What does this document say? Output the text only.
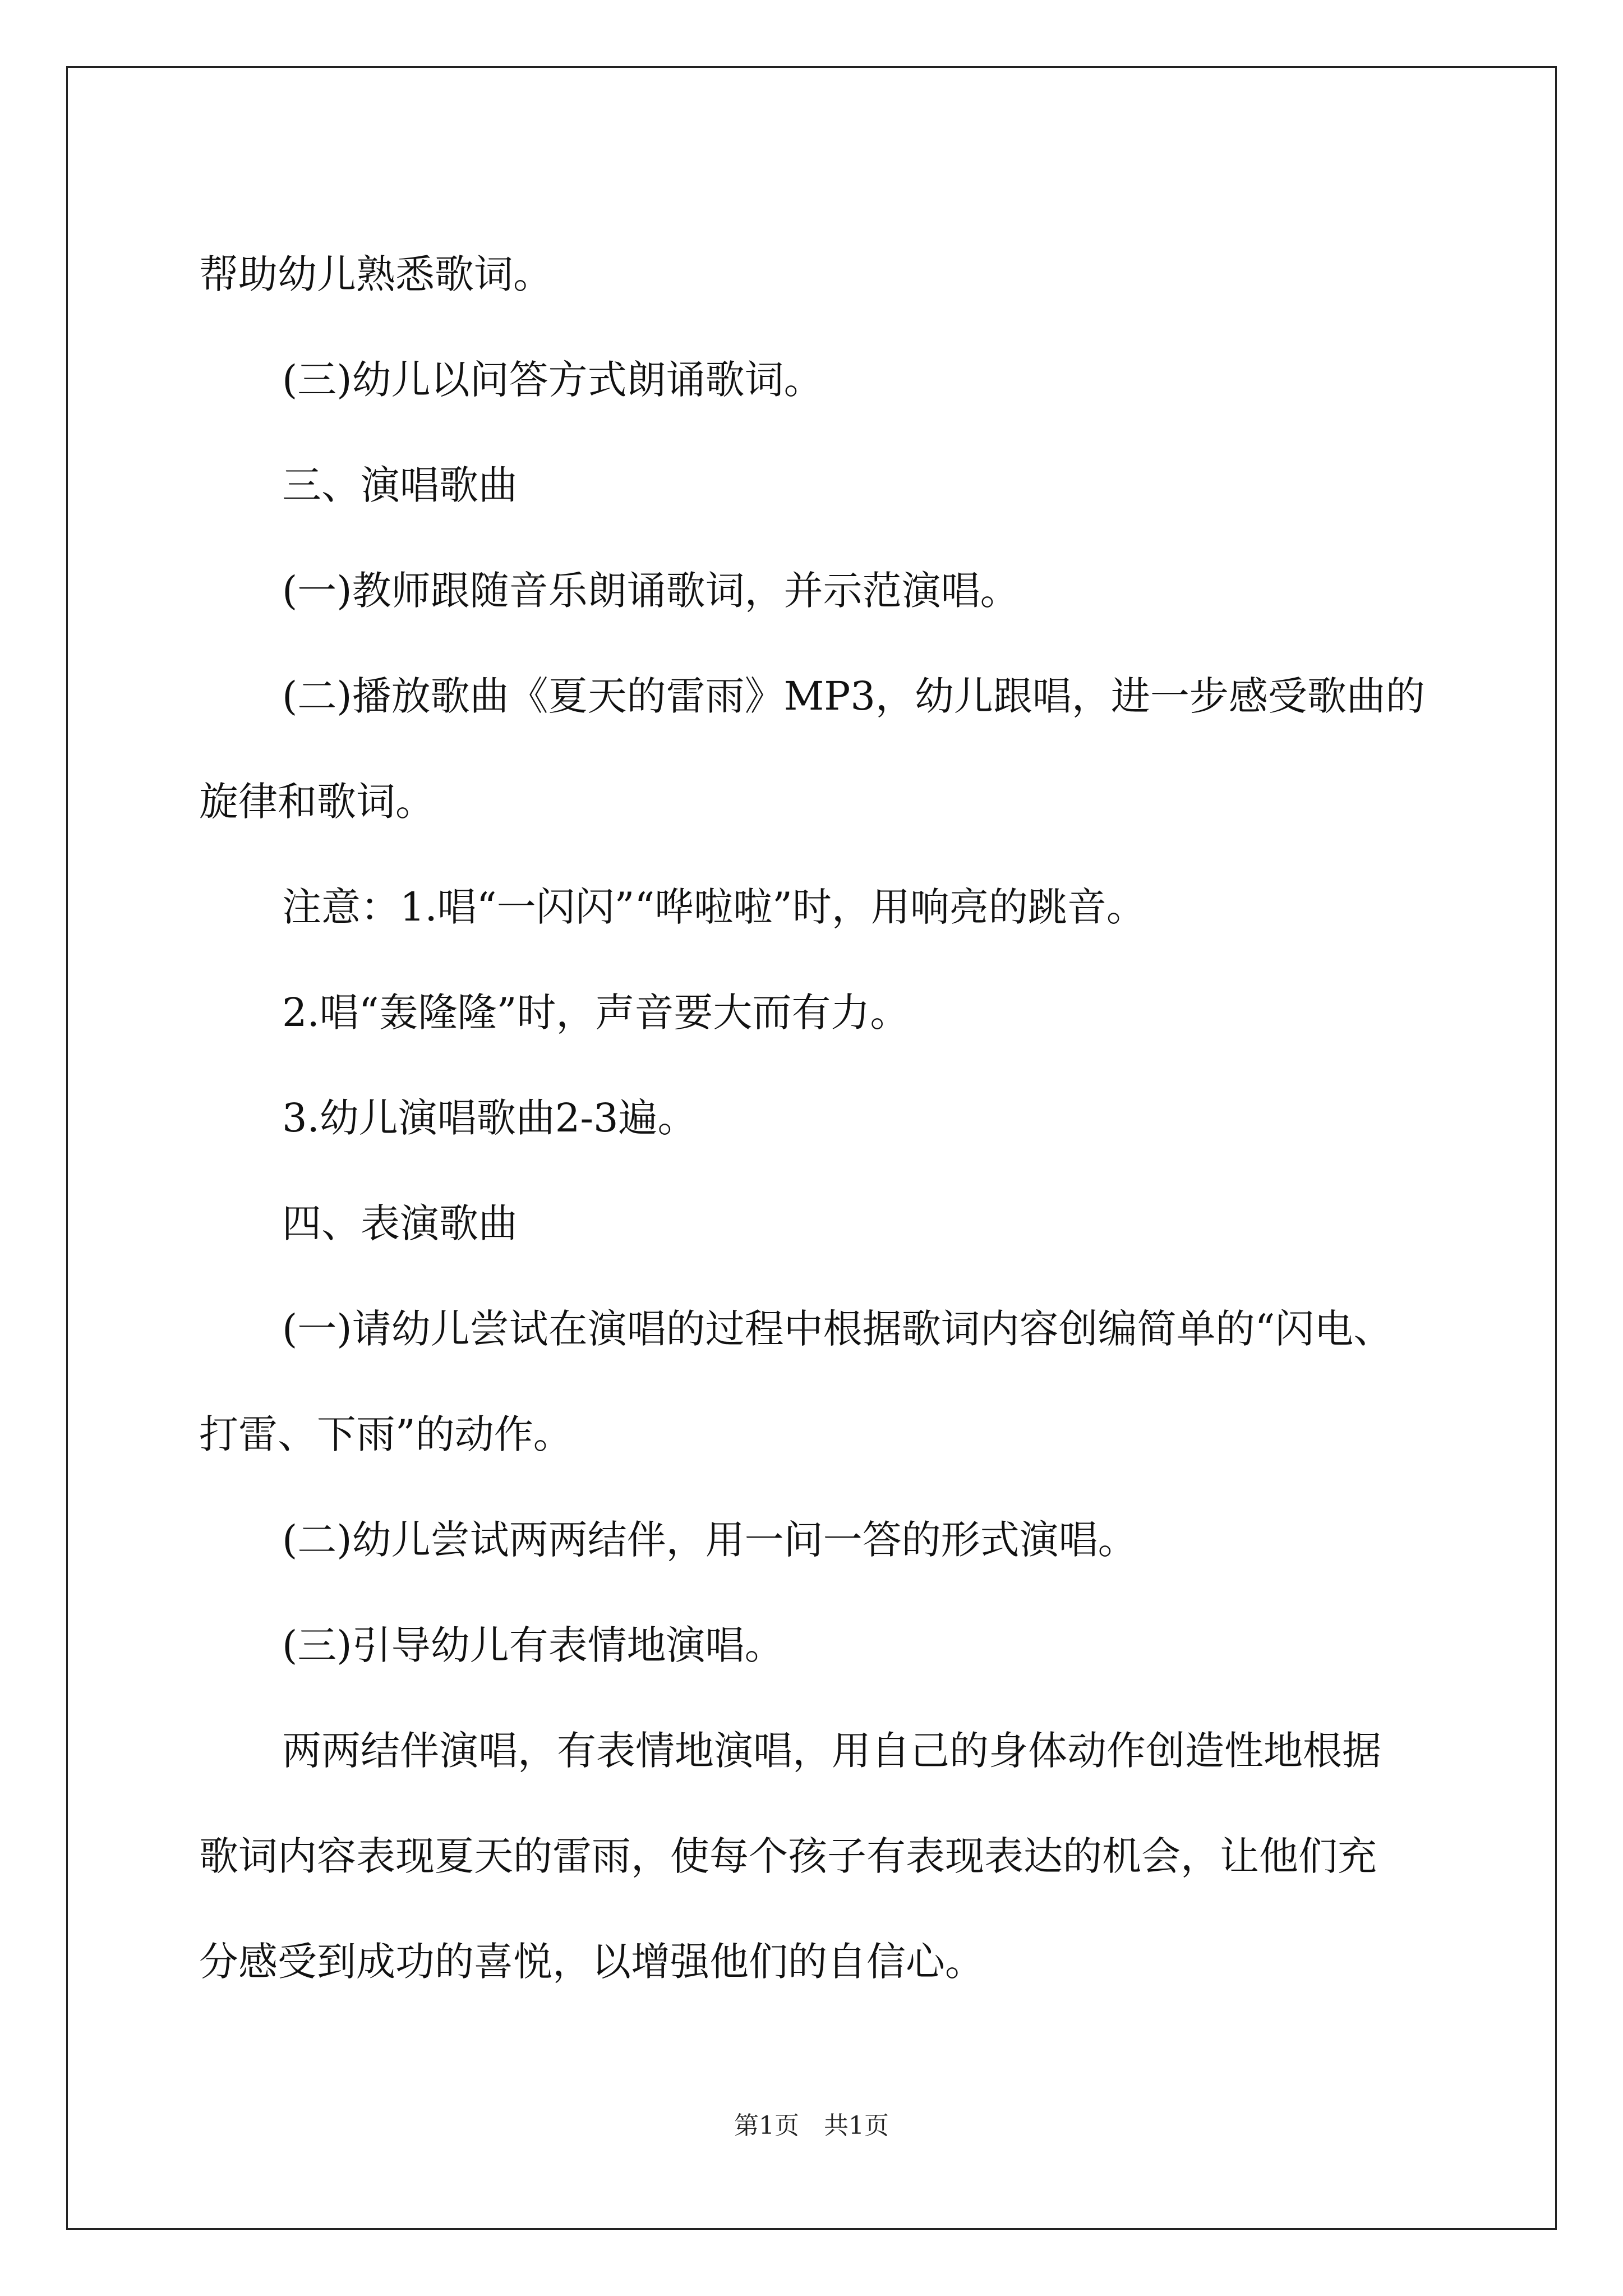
帮助幼儿熟悉歌词。

(三)幼儿以问答方式朗诵歌词。

三、演唱歌曲

(一)教师跟随音乐朗诵歌词，并示范演唱。

(二)播放歌曲《夏天的雷雨》MP3，幼儿跟唱，进一步感受歌曲的

旋律和歌词。

注意：1.唱“一闪闪”“哗啦啦”时，用响亮的跳音。

2.唱“轰隆隆”时，声音要大而有力。

3.幼儿演唱歌曲2-3遍。

四、表演歌曲

(一)请幼儿尝试在演唱的过程中根据歌词内容创编简单的“闪电、

打雷、下雨”的动作。

(二)幼儿尝试两两结伴，用一问一答的形式演唱。

(三)引导幼儿有表情地演唱。

两两结伴演唱，有表情地演唱，用自己的身体动作创造性地根据

歌词内容表现夏天的雷雨，使每个孩子有表现表达的机会，让他们充

分感受到成功的喜悦，以增强他们的自信心。

第1页　共1页
